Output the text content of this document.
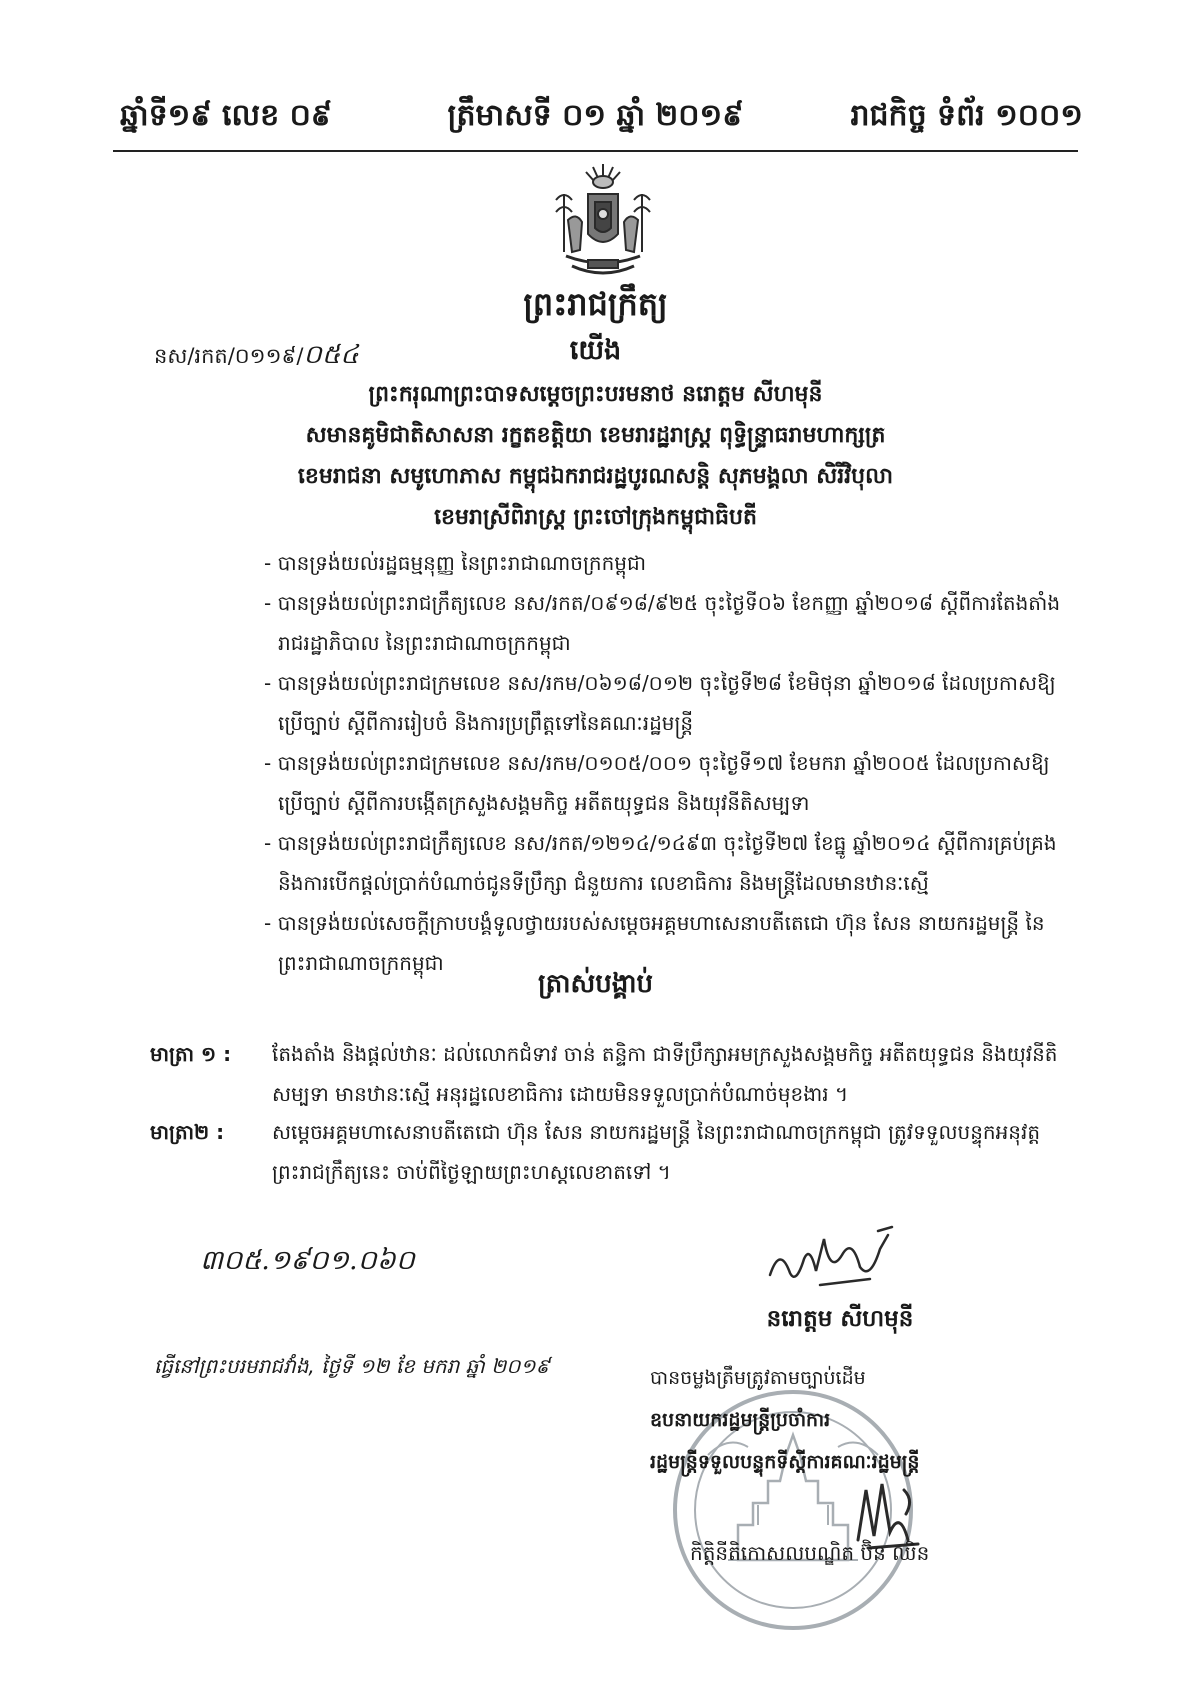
ឆ្នាំទី១៩ លេខ ០៩	ត្រឹមាសទី ០១ ឆ្នាំ ២០១៩	រាជកិច្ច ទំព័រ ១០០១
ព្រះរាជក្រឹត្យ
នស/រកត/០១១៩/០៥៤	យើង
ព្រះករុណាព្រះបាទសម្តេចព្រះបរមនាថ នរោត្តម សីហមុនី
សមានគូមិជាតិសាសនា រក្ខតខត្តិយា ខេមរារដ្ឋរាស្ត្រ ពុទ្ធិន្ទ្រាធរាមហាក្សត្រ
ខេមរាជនា សមូហោភាស កម្ពុជឯករាជរដ្ឋបូរណសន្តិ សុភមង្គលា សិរីវិបុលា
ខេមរាស្រីពិរាស្ត្រ ព្រះចៅក្រុងកម្ពុជាធិបតី
- បានទ្រង់យល់រដ្ឋធម្មនុញ្ញ នៃព្រះរាជាណាចក្រកម្ពុជា
- បានទ្រង់យល់ព្រះរាជក្រឹត្យលេខ នស/រកត/០៩១៨/៩២៥ ចុះថ្ងៃទី០៦ ខែកញ្ញា ឆ្នាំ២០១៨ ស្តីពីការតែងតាំងរាជរដ្ឋាភិបាល នៃព្រះរាជាណាចក្រកម្ពុជា
- បានទ្រង់យល់ព្រះរាជក្រមលេខ នស/រកម/០៦១៨/០១២ ចុះថ្ងៃទី២៨ ខែមិថុនា ឆ្នាំ២០១៨ ដែលប្រកាសឱ្យប្រើច្បាប់ ស្តីពីការរៀបចំ និងការប្រព្រឹត្តទៅនៃគណៈរដ្ឋមន្ត្រី
- បានទ្រង់យល់ព្រះរាជក្រមលេខ នស/រកម/០១០៥/០០១ ចុះថ្ងៃទី១៧ ខែមករា ឆ្នាំ២០០៥ ដែលប្រកាសឱ្យប្រើច្បាប់ ស្តីពីការបង្កើតក្រសួងសង្គមកិច្ច អតីតយុទ្ធជន និងយុវនីតិសម្បទា
- បានទ្រង់យល់ព្រះរាជក្រឹត្យលេខ នស/រកត/១២១៤/១៤៩៣ ចុះថ្ងៃទី២៧ ខែធ្នូ ឆ្នាំ២០១៤ ស្តីពីការគ្រប់គ្រង និងការបើកផ្តល់ប្រាក់បំណាច់ជូនទីប្រឹក្សា ជំនួយការ លេខាធិការ និងមន្ត្រីដែលមានឋានៈស្មើ
- បានទ្រង់យល់សេចក្តីក្រាបបង្គំទូលថ្វាយរបស់សម្តេចអគ្គមហាសេនាបតីតេជោ ហ៊ុន សែន នាយករដ្ឋមន្ត្រី នៃព្រះរាជាណាចក្រកម្ពុជា
ត្រាស់បង្គាប់
មាត្រា ១ : តែងតាំង និងផ្តល់ឋានៈ ដល់លោកជំទាវ ចាន់ តន្ទិកា ជាទីប្រឹក្សាអមក្រសួងសង្គមកិច្ច អតីតយុទ្ធជន និងយុវនីតិសម្បទា មានឋានៈស្មើ អនុរដ្ឋលេខាធិការ ដោយមិនទទួលប្រាក់បំណាច់មុខងារ ។
មាត្រា២ : សម្តេចអគ្គមហាសេនាបតីតេជោ ហ៊ុន សែន នាយករដ្ឋមន្ត្រី នៃព្រះរាជាណាចក្រកម្ពុជា ត្រូវទទួលបន្ទុកអនុវត្តព្រះរាជក្រឹត្យនេះ ចាប់ពីថ្ងៃឡាយព្រះហស្តលេខាតទៅ ។
៣០៥.១៩០១.០៦០
ធ្វើនៅព្រះបរមរាជវាំង, ថ្ងៃទី ១២ ខែ មករា ឆ្នាំ ២០១៩
នរោត្តម សីហមុនី
បានចម្លងត្រឹមត្រូវតាមច្បាប់ដើម
ឧបនាយករដ្ឋមន្ត្រីប្រចាំការ
រដ្ឋមន្ត្រីទទួលបន្ទុកទីស្តីការគណៈរដ្ឋមន្ត្រី
កិត្តិនីតិកោសលបណ្ឌិត ប៊ិន ឈិន
